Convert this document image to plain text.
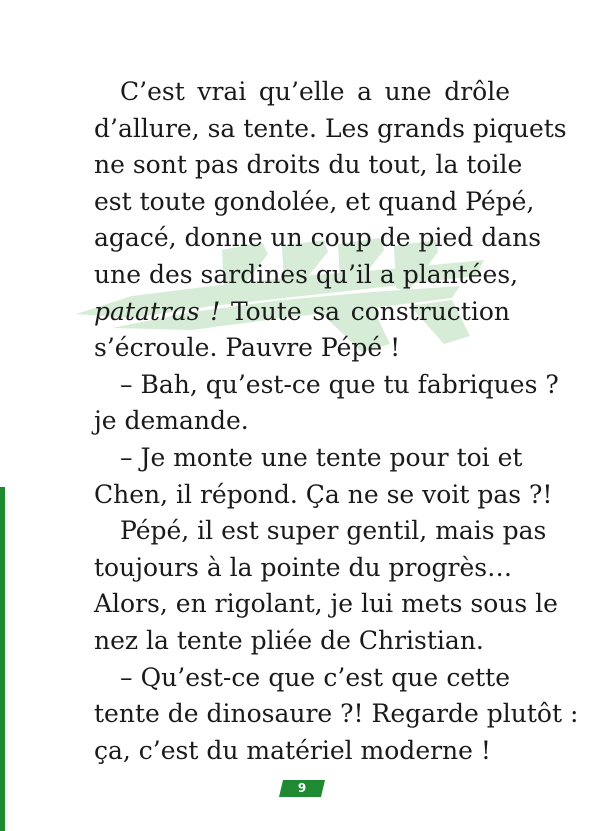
C’est vrai qu’elle a une drôle
d’allure, sa tente. Les grands piquets
ne sont pas droits du tout, la toile
est toute gondolée, et quand Pépé,
agacé, donne un coup de pied dans
une des sardines qu’il a plantées,
patatras ! Toute sa construction
s’écroule. Pauvre Pépé !
– Bah, qu’est-ce que tu fabriques ?
je demande.
– Je monte une tente pour toi et
Chen, il répond. Ça ne se voit pas ?!
Pépé, il est super gentil, mais pas
toujours à la pointe du progrès…
Alors, en rigolant, je lui mets sous le
nez la tente pliée de Christian.
– Qu’est-ce que c’est que cette
tente de dinosaure ?! Regarde plutôt :
ça, c’est du matériel moderne !
9
